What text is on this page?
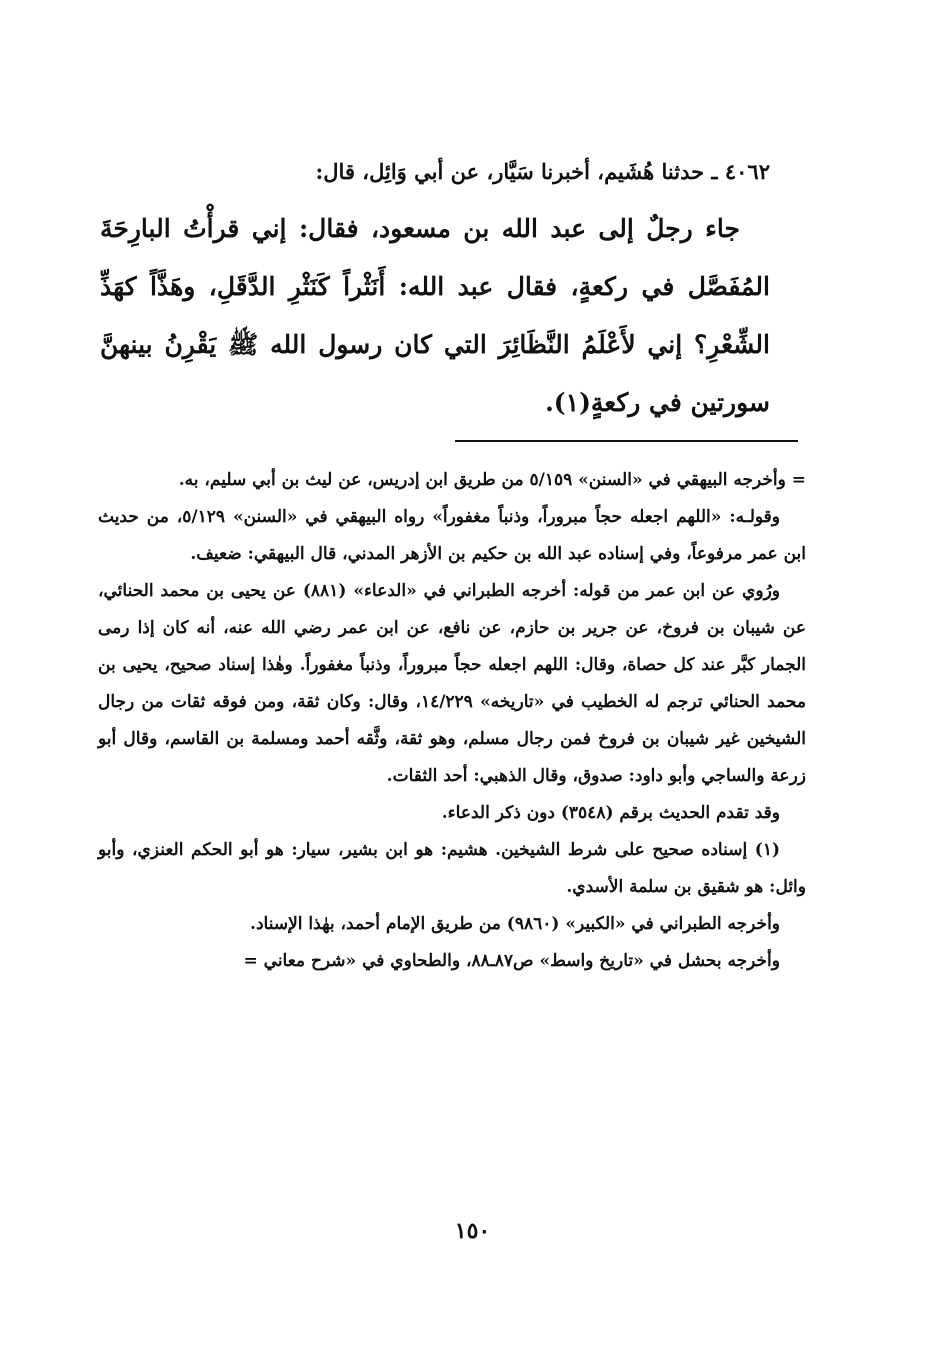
٤٠٦٢ ـ حدثنا هُشَيم، أخبرنا سَيَّار، عن أبي وَائِل، قال:

جاء رجلٌ إلى عبد الله بن مسعود، فقال: إني قرأْتُ البارِحَةَ المُفَصَّل في ركعةٍ، فقال عبد الله: أَنَثْراً كَنَثْرِ الدَّقَلِ، وهَذَّاً كهَذِّ الشِّعْرِ؟ إني لأَعْلَمُ النَّظَائِرَ التي كان رسول الله ﷺ يَقْرِنُ بينهنَّ سورتين في ركعةٍ(١).

= وأخرجه البيهقي في «السنن» ٥/١٥٩ من طريق ابن إدريس، عن ليث بن أبي سليم، به.

وقولـه: «اللهم اجعله حجاً مبروراً، وذنباً مغفوراً» رواه البيهقي في «السنن» ٥/١٢٩، من حديث ابن عمر مرفوعاً، وفي إسناده عبد الله بن حكيم بن الأزهر المدني، قال البيهقي: ضعيف.

ورُوي عن ابن عمر من قوله: أخرجه الطبراني في «الدعاء» (٨٨١) عن يحيى بن محمد الحنائي، عن شيبان بن فروخ، عن جرير بن حازم، عن نافع، عن ابن عمر رضي الله عنه، أنه كان إذا رمى الجمار كبَّر عند كل حصاة، وقال: اللهم اجعله حجاً مبروراً، وذنباً مغفوراً. وهٰذا إسناد صحيح، يحيى بن محمد الحنائي ترجم له الخطيب في «تاريخه» ١٤/٢٢٩، وقال: وكان ثقة، ومن فوقه ثقات من رجال الشيخين غير شيبان بن فروخ فمن رجال مسلم، وهو ثقة، وثَّقه أحمد ومسلمة بن القاسم، وقال أبو زرعة والساجي وأبو داود: صدوق، وقال الذهبي: أحد الثقات.

وقد تقدم الحديث برقم (٣٥٤٨) دون ذكر الدعاء.

(١) إسناده صحيح على شرط الشيخين. هشيم: هو ابن بشير، سيار: هو أبو الحكم العنزي، وأبو وائل: هو شقيق بن سلمة الأسدي.

وأخرجه الطبراني في «الكبير» (٩٨٦٠) من طريق الإمام أحمد، بهٰذا الإسناد.

وأخرجه بحشل في «تاريخ واسط» ص٨٧ـ٨٨، والطحاوي في «شرح معاني =

١٥٠
